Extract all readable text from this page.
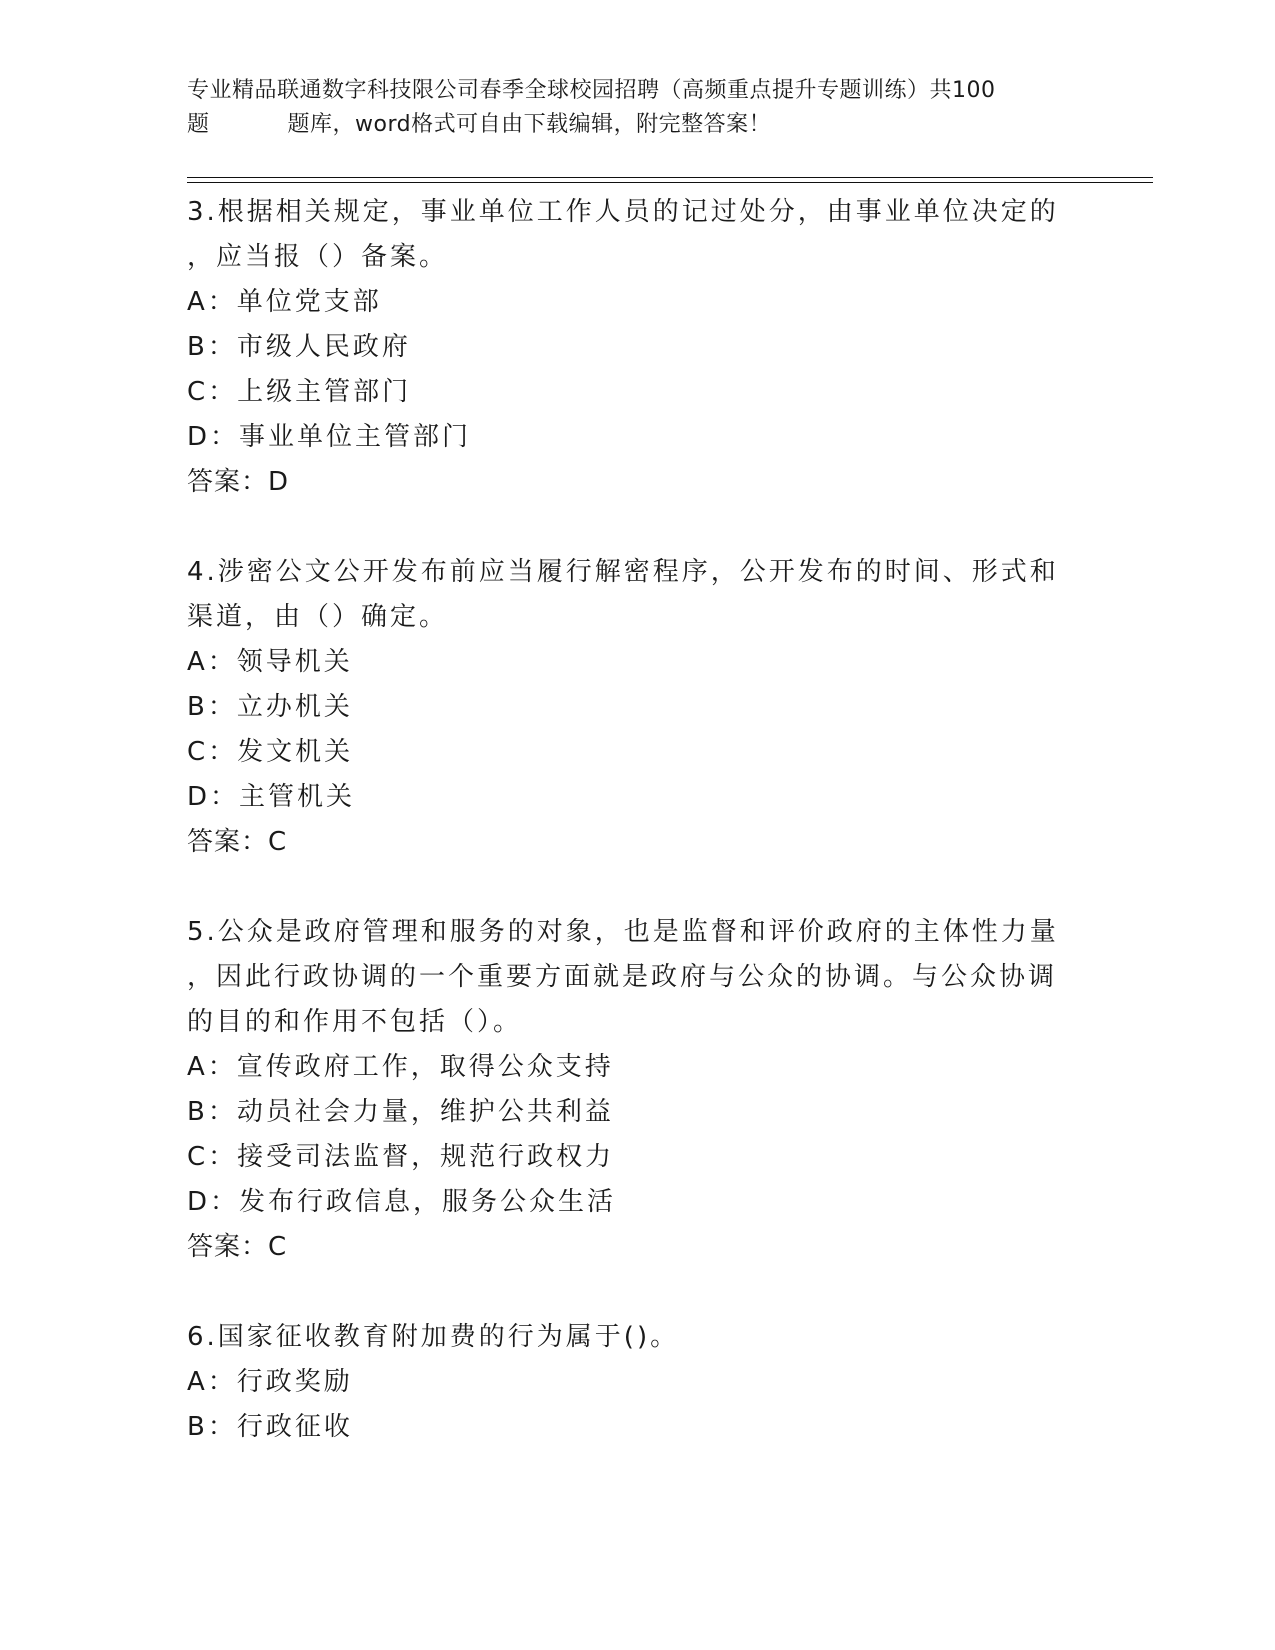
专业精品联通数字科技限公司春季全球校园招聘（高频重点提升专题训练）共100
题	题库，word格式可自由下载编辑，附完整答案！
3.根据相关规定，事业单位工作人员的记过处分，由事业单位决定的
，应当报（）备案。
A：单位党支部
B：市级人民政府
C：上级主管部门
D：事业单位主管部门
答案：D
4.涉密公文公开发布前应当履行解密程序，公开发布的时间、形式和
渠道，由（）确定。
A：领导机关
B：立办机关
C：发文机关
D：主管机关
答案：C
5.公众是政府管理和服务的对象，也是监督和评价政府的主体性力量
，因此行政协调的一个重要方面就是政府与公众的协调。与公众协调
的目的和作用不包括（）。
A：宣传政府工作，取得公众支持
B：动员社会力量，维护公共利益
C：接受司法监督，规范行政权力
D：发布行政信息，服务公众生活
答案：C
6.国家征收教育附加费的行为属于()。
A：行政奖励
B：行政征收
